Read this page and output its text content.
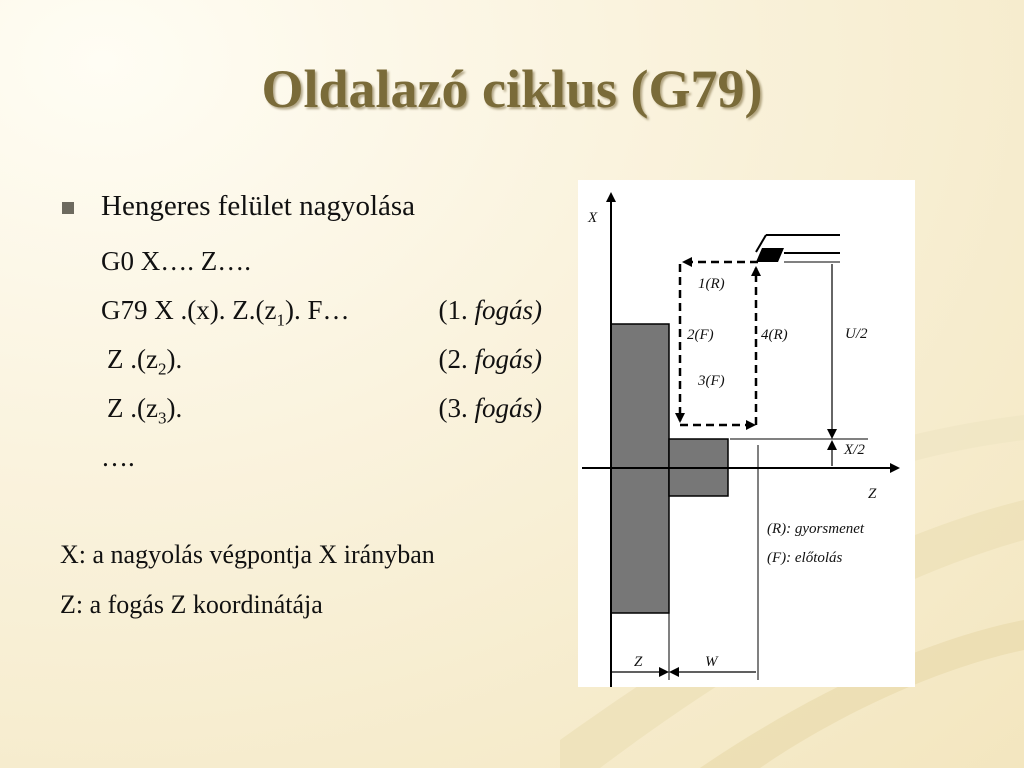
Oldalazó ciklus (G79)
Hengeres felület nagyolása
G0 X…. Z….
G79 X .(x). $Z.(z_1)$. F…	(1. fogás)
Z $.(z_2)$.	(2. fogás)
Z $.(z_3)$.	(3. fogás)
….
X: a nagyolás végpontja X irányban
Z: a fogás Z koordinátája
X
Z
1(R)
2(F)
3(F)
4(R)	U/2
X/2
Z	W
(R): gyorsmenet
(F): előtolás
